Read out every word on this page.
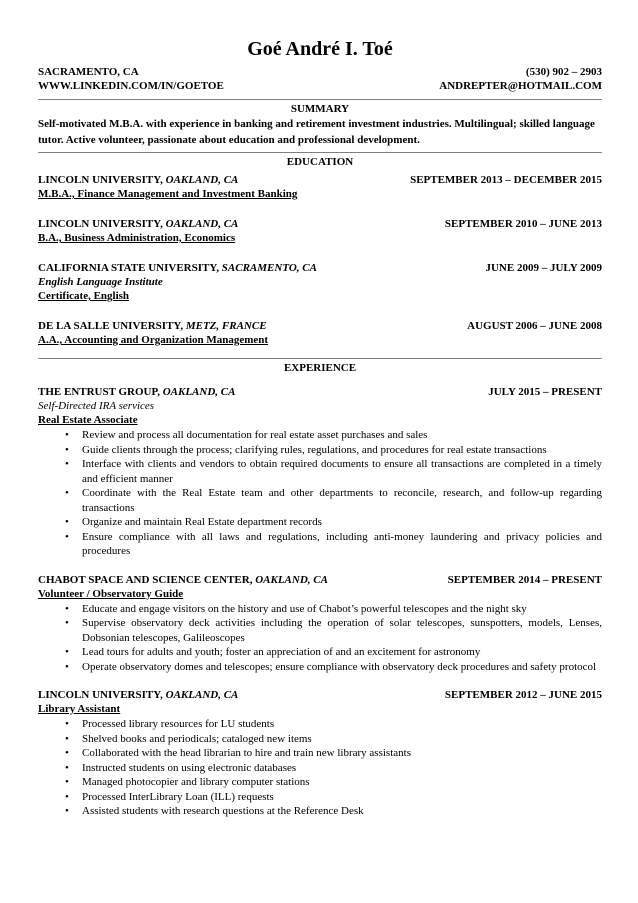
Goé André I. Toé
SACRAMENTO, CA	(530) 902 – 2903
WWW.LINKEDIN.COM/IN/GOETOE	ANDREPTER@HOTMAIL.COM
SUMMARY
Self-motivated M.B.A. with experience in banking and retirement investment industries. Multilingual; skilled language tutor. Active volunteer, passionate about education and professional development.
EDUCATION
LINCOLN UNIVERSITY, OAKLAND, CA	SEPTEMBER 2013 – DECEMBER 2015
M.B.A., Finance Management and Investment Banking
LINCOLN UNIVERSITY, OAKLAND, CA	SEPTEMBER 2010 – JUNE 2013
B.A., Business Administration, Economics
CALIFORNIA STATE UNIVERSITY, SACRAMENTO, CA	JUNE 2009 – JULY 2009
English Language Institute
Certificate, English
DE LA SALLE UNIVERSITY, METZ, FRANCE	AUGUST 2006 – JUNE 2008
A.A., Accounting and Organization Management
EXPERIENCE
THE ENTRUST GROUP, OAKLAND, CA	JULY 2015 – PRESENT
Self-Directed IRA services
Real Estate Associate
• Review and process all documentation for real estate asset purchases and sales
• Guide clients through the process; clarifying rules, regulations, and procedures for real estate transactions
• Interface with clients and vendors to obtain required documents to ensure all transactions are completed in a timely and efficient manner
• Coordinate with the Real Estate team and other departments to reconcile, research, and follow-up regarding transactions
• Organize and maintain Real Estate department records
• Ensure compliance with all laws and regulations, including anti-money laundering and privacy policies and procedures
CHABOT SPACE AND SCIENCE CENTER, OAKLAND, CA	SEPTEMBER 2014 – PRESENT
Volunteer / Observatory Guide
• Educate and engage visitors on the history and use of Chabot’s powerful telescopes and the night sky
• Supervise observatory deck activities including the operation of solar telescopes, sunspotters, models, Lenses, Dobsonian telescopes, Galileoscopes
• Lead tours for adults and youth; foster an appreciation of and an excitement for astronomy
• Operate observatory domes and telescopes; ensure compliance with observatory deck procedures and safety protocol
LINCOLN UNIVERSITY, OAKLAND, CA	SEPTEMBER 2012 – JUNE 2015
Library Assistant
• Processed library resources for LU students
• Shelved books and periodicals; cataloged new items
• Collaborated with the head librarian to hire and train new library assistants
• Instructed students on using electronic databases
• Managed photocopier and library computer stations
• Processed InterLibrary Loan (ILL) requests
• Assisted students with research questions at the Reference Desk
